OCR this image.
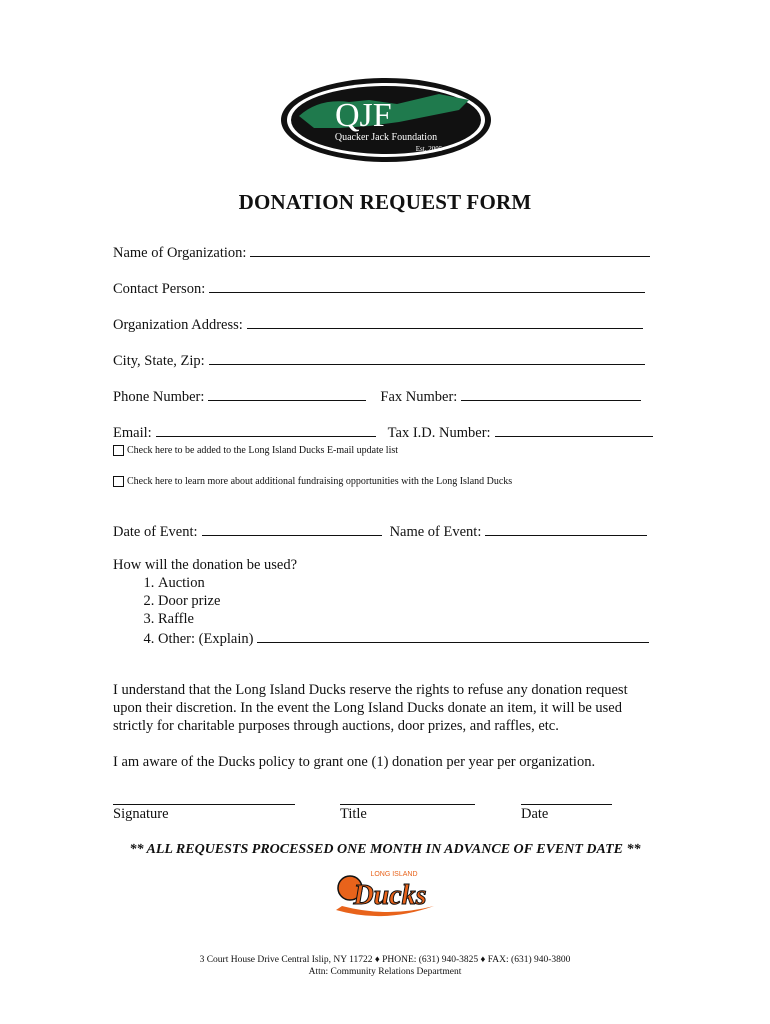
QJF
Quacker Jack Foundation
Est. 2005
DONATION REQUEST FORM
Name of Organization:
Contact Person:
Organization Address:
City, State, Zip:
Phone Number:	Fax Number:
Email:	Tax I.D. Number:
Check here to be added to the Long Island Ducks E-mail update list
Check here to learn more about additional fundraising opportunities with the Long Island Ducks
Date of Event:	Name of Event:
How will the donation be used?
1. Auction
2. Door prize
3. Raffle
4. Other: (Explain)
I understand that the Long Island Ducks reserve the rights to refuse any donation request upon their discretion. In the event the Long Island Ducks donate an item, it will be used strictly for charitable purposes through auctions, door prizes, and raffles, etc.
I am aware of the Ducks policy to grant one (1) donation per year per organization.
Signature	Title	Date
** ALL REQUESTS PROCESSED ONE MONTH IN ADVANCE OF EVENT DATE **
LONG ISLAND
Ducks
3 Court House Drive Central Islip, NY 11722 ♦ PHONE: (631) 940-3825 ♦ FAX: (631) 940-3800
Attn: Community Relations Department
